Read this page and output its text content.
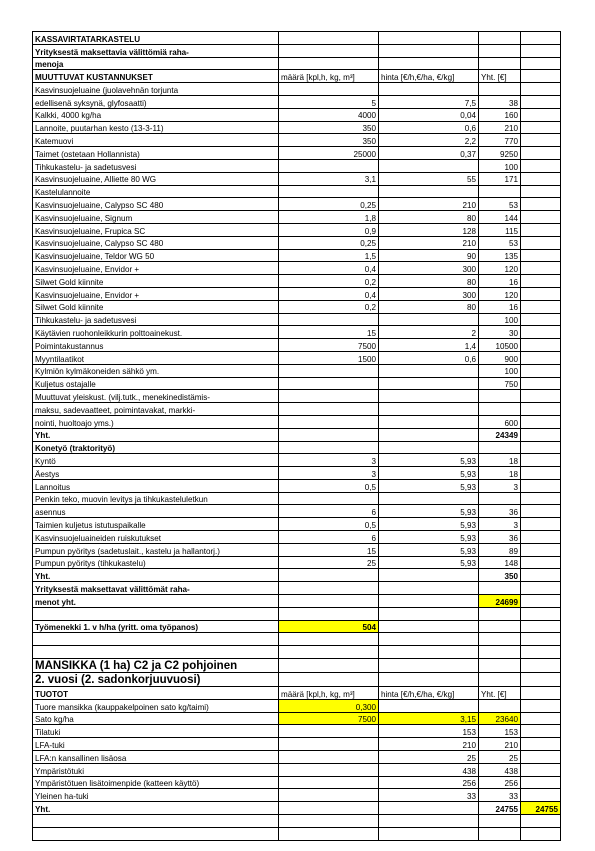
KASSAVIRTATARKASTELU				
Yrityksestä maksettavia välittömiä raha-				
menoja				
MUUTTUVAT KUSTANNUKSET	määrä [kpl,h, kg, m³]	hinta [€/h,€/ha, €/kg]	Yht. [€]	
Kasvinsuojeluaine (juolavehnän torjunta				
edellisenä syksynä, glyfosaatti)	5	7,5	38	
Kalkki, 4000 kg/ha	4000	0,04	160	
Lannoite, puutarhan kesto (13-3-11)	350	0,6	210	
Katemuovi	350	2,2	770	
Taimet (ostetaan Hollannista)	25000	0,37	9250	
Tihkukastelu- ja sadetusvesi			100	
Kasvinsuojeluaine, Alliette 80 WG	3,1	55	171	
Kastelulannoite				
Kasvinsuojeluaine, Calypso SC 480	0,25	210	53	
Kasvinsuojeluaine, Signum	1,8	80	144	
Kasvinsuojeluaine, Frupica SC	0,9	128	115	
Kasvinsuojeluaine, Calypso SC 480	0,25	210	53	
Kasvinsuojeluaine, Teldor WG 50	1,5	90	135	
Kasvinsuojeluaine, Envidor +	0,4	300	120	
Silwet Gold kiinnite	0,2	80	16	
Kasvinsuojeluaine, Envidor +	0,4	300	120	
Silwet Gold kiinnite	0,2	80	16	
Tihkukastelu- ja sadetusvesi			100	
Käytävien ruohonleikkurin polttoainekust.	15	2	30	
Poimintakustannus	7500	1,4	10500	
Myyntilaatikot	1500	0,6	900	
Kylmiön kylmäkoneiden sähkö ym.			100	
Kuljetus ostajalle			750	
Muuttuvat yleiskust. (vilj.tutk., menekinedistämis-				
maksu, sadevaatteet, poimintavakat, markki-				
nointi, huoltoajo yms.)			600	
Yht.			24349	
Konetyö (traktorityö)				
Kyntö	3	5,93	18	
Äestys	3	5,93	18	
Lannoitus	0,5	5,93	3	
Penkin teko, muovin levitys ja tihkukasteluletkun				
asennus	6	5,93	36	
Taimien kuljetus istutuspaikalle	0,5	5,93	3	
Kasvinsuojeluaineiden ruiskutukset	6	5,93	36	
Pumpun pyöritys (sadetuslait., kastelu ja hallantorj.)	15	5,93	89	
Pumpun pyöritys (tihkukastelu)	25	5,93	148	
Yht.			350	
Yrityksestä maksettavat välittömät raha-				
menot yht.			24699	

Työmenekki 1. v h/ha (yritt. oma työpanos)	504			

MANSIKKA (1 ha) C2 ja C2 pohjoinen				
2. vuosi (2. sadonkorjuuvuosi)				
TUOTOT	määrä [kpl,h, kg, m³]	hinta [€/h,€/ha, €/kg]	Yht. [€]	
Tuore mansikka (kauppakelpoinen sato kg/taimi)	0,300			
Sato kg/ha	7500	3,15	23640	
Tilatuki		153	153	
LFA-tuki		210	210	
LFA:n kansallinen lisäosa		25	25	
Ympäristötuki		438	438	
Ympäristötuen lisätoimenpide (katteen käyttö)		256	256	
Yleinen ha-tuki		33	33	
Yht.			24755	24755
